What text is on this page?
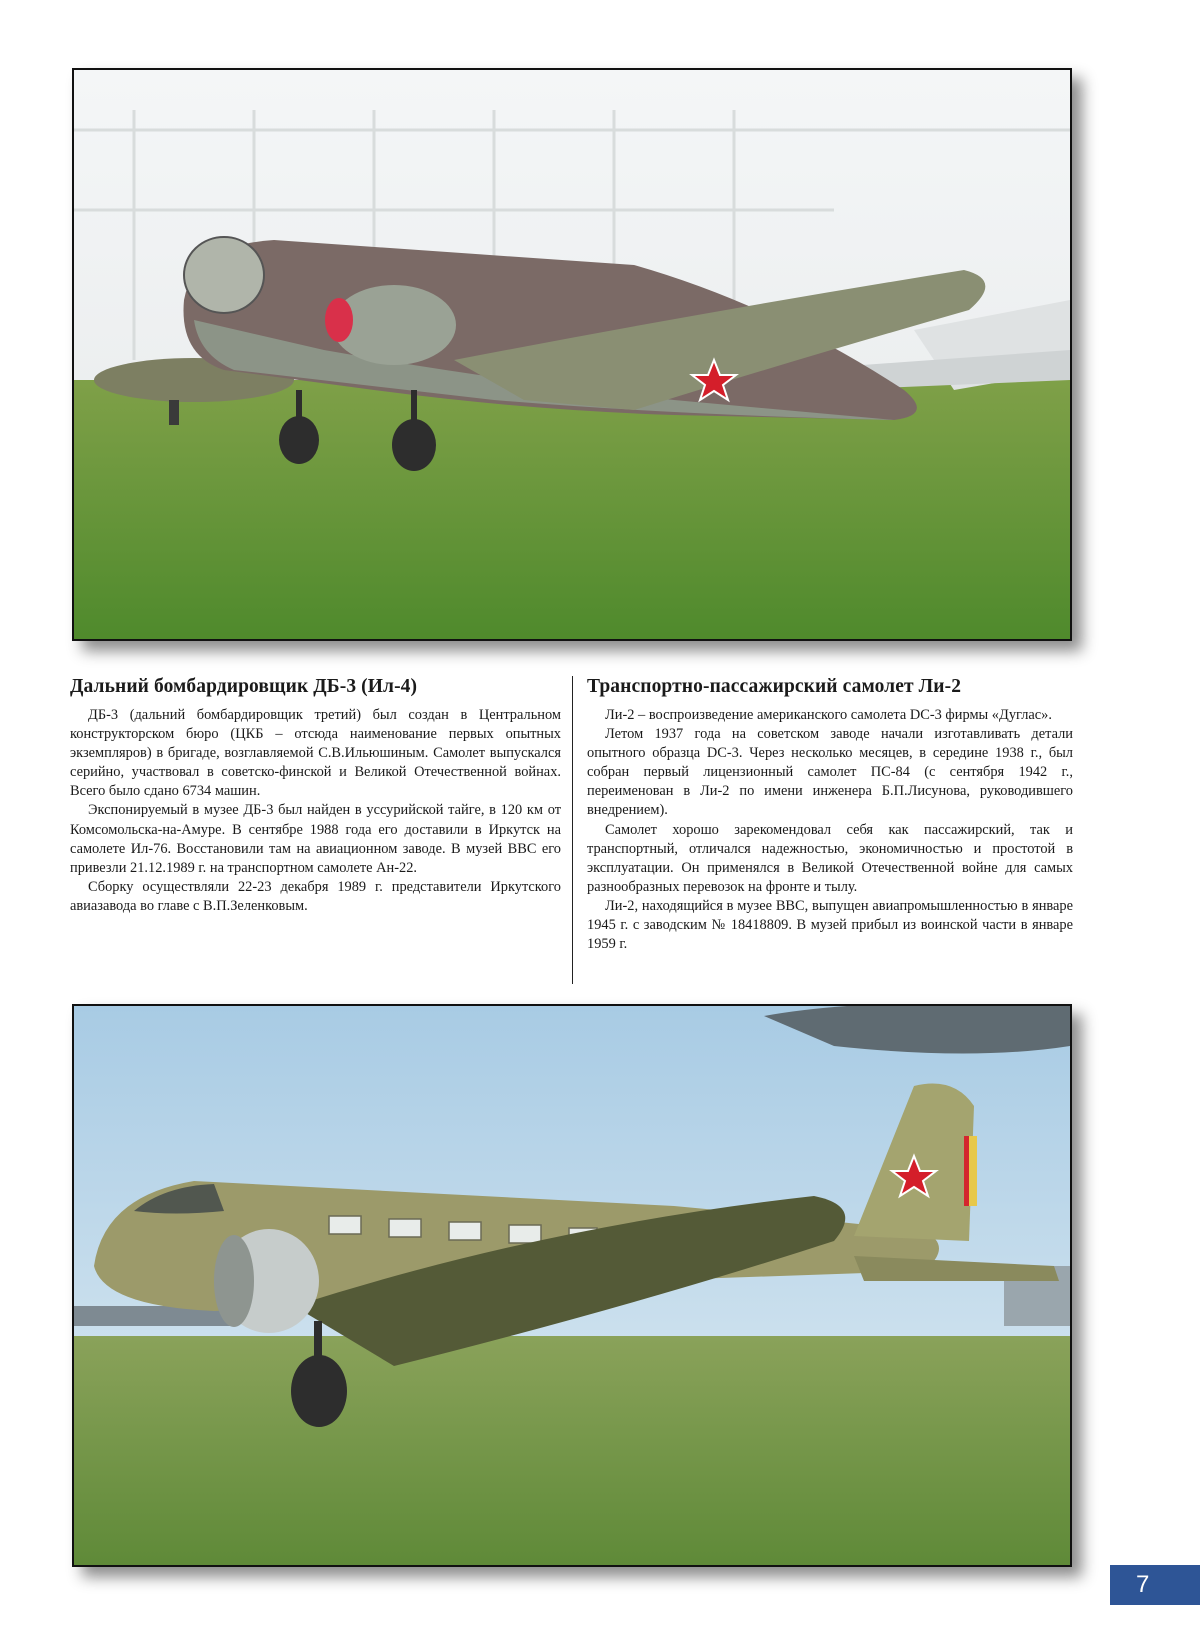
Дальний бомбардировщик ДБ-3 (Ил-4)

ДБ-3 (дальний бомбардировщик третий) был создан в Центральном конструкторском бюро (ЦКБ – отсюда наименование первых опытных экземпляров) в бригаде, возглавляемой С.В.Ильюшиным. Самолет выпускался серийно, участвовал в советско-финской и Великой Отечественной войнах. Всего было сдано 6734 машин.

Экспонируемый в музее ДБ-3 был найден в уссурийской тайге, в 120 км от Комсомольска-на-Амуре. В сентябре 1988 года его доставили в Иркутск на самолете Ил-76. Восстановили там на авиационном заводе. В музей ВВС его привезли 21.12.1989 г. на транспортном самолете Ан-22.

Сборку осуществляли 22-23 декабря 1989 г. представители Иркутского авиазавода во главе с В.П.Зеленковым.

Транспортно-пассажирский самолет Ли-2

Ли-2 – воспроизведение американского самолета DC-3 фирмы «Дуглас».

Летом 1937 года на советском заводе начали изготавливать детали опытного образца DC-3. Через несколько месяцев, в середине 1938 г., был собран первый лицензионный самолет ПС-84 (с сентября 1942 г., переименован в Ли-2 по имени инженера Б.П.Лисунова, руководившего внедрением).

Самолет хорошо зарекомендовал себя как пассажирский, так и транспортный, отличался надежностью, экономичностью и простотой в эксплуатации. Он применялся в Великой Отечественной войне для самых разнообразных перевозок на фронте и тылу.

Ли-2, находящийся в музее ВВС, выпущен авиапромышленностью в январе 1945 г. с заводским № 18418809. В музей прибыл из воинской части в январе 1959 г.

7
